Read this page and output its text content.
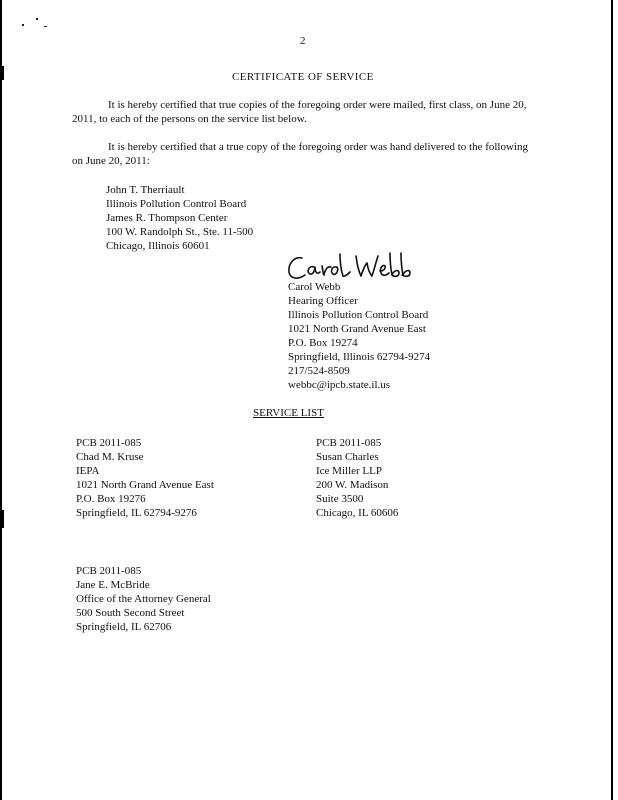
2
CERTIFICATE OF SERVICE
It is hereby certified that true copies of the foregoing order were mailed, first class, on June 20, 2011, to each of the persons on the service list below.
It is hereby certified that a true copy of the foregoing order was hand delivered to the following on June 20, 2011:
John T. Therriault
Illinois Pollution Control Board
James R. Thompson Center
100 W. Randolph St., Ste. 11-500
Chicago, Illinois 60601
Carol Webb
Hearing Officer
Illinois Pollution Control Board
1021 North Grand Avenue East
P.O. Box 19274
Springfield, Illinois 62794-9274
217/524-8509
webbc@ipcb.state.il.us
SERVICE LIST
PCB 2011-085
Chad M. Kruse
IEPA
1021 North Grand Avenue East
P.O. Box 19276
Springfield, IL 62794-9276
PCB 2011-085
Susan Charles
Ice Miller LLP
200 W. Madison
Suite 3500
Chicago, IL 60606
PCB 2011-085
Jane E. McBride
Office of the Attorney General
500 South Second Street
Springfield, IL 62706
